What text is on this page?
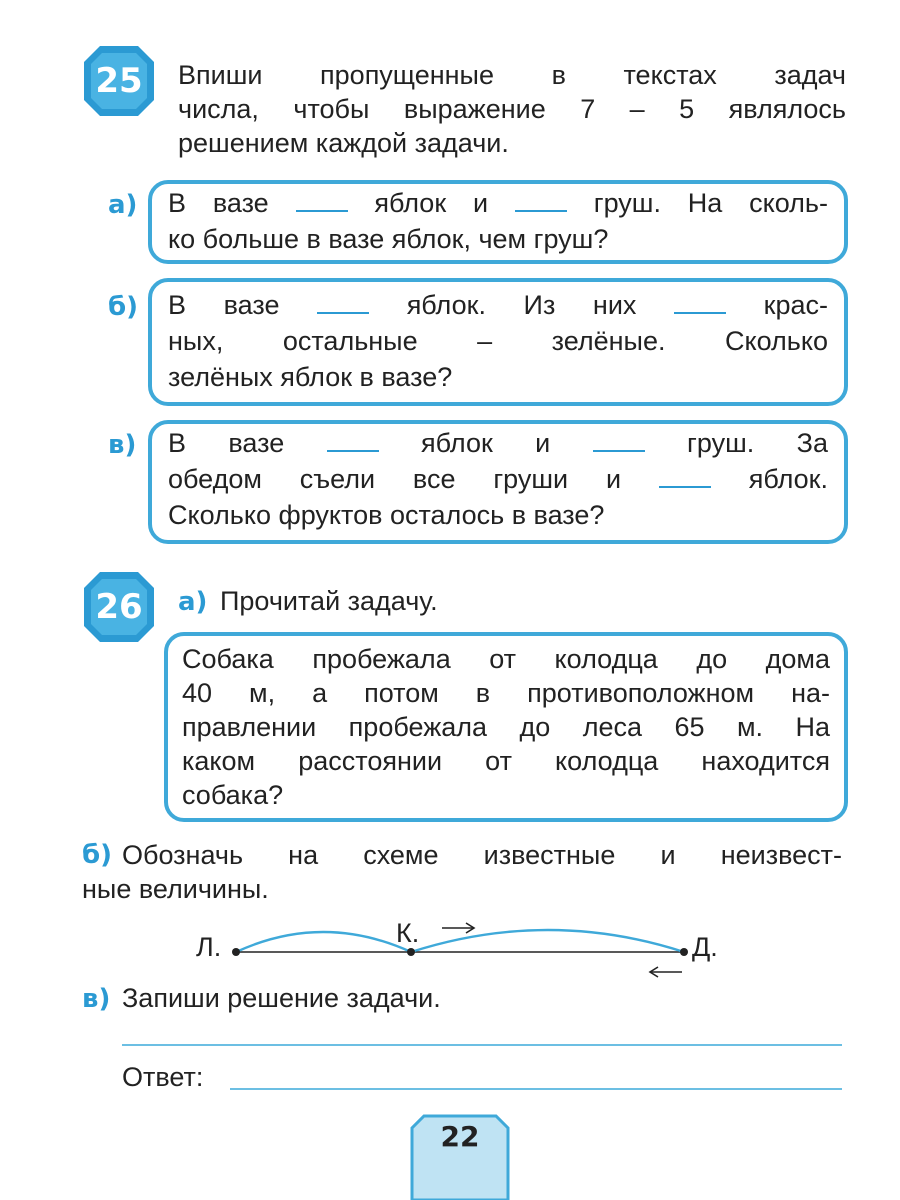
25	Впиши пропущенные в текстах задач
числа, чтобы выражение 7 – 5 являлось
решением каждой задачи.
а) В вазе	яблок и	груш. На сколь-
ко больше в вазе яблок, чем груш?
б) В вазе	яблок. Из них	крас-
ных, остальные – зелёные. Сколько
зелёных яблок в вазе?
в) В вазе	яблок и	груш. За
обедом съели все груши и	яблок.
Сколько фруктов осталось в вазе?
26	а) Прочитай задачу.
Собака пробежала от колодца до дома
40 м, а потом в противоположном на-
правлении пробежала до леса 65 м. На
каком расстоянии от колодца находится
собака?
б) Обозначь на схеме известные и неизвест-
ные величины.
Л.	К.	Д.
в) Запиши решение задачи.
Ответ:
22
